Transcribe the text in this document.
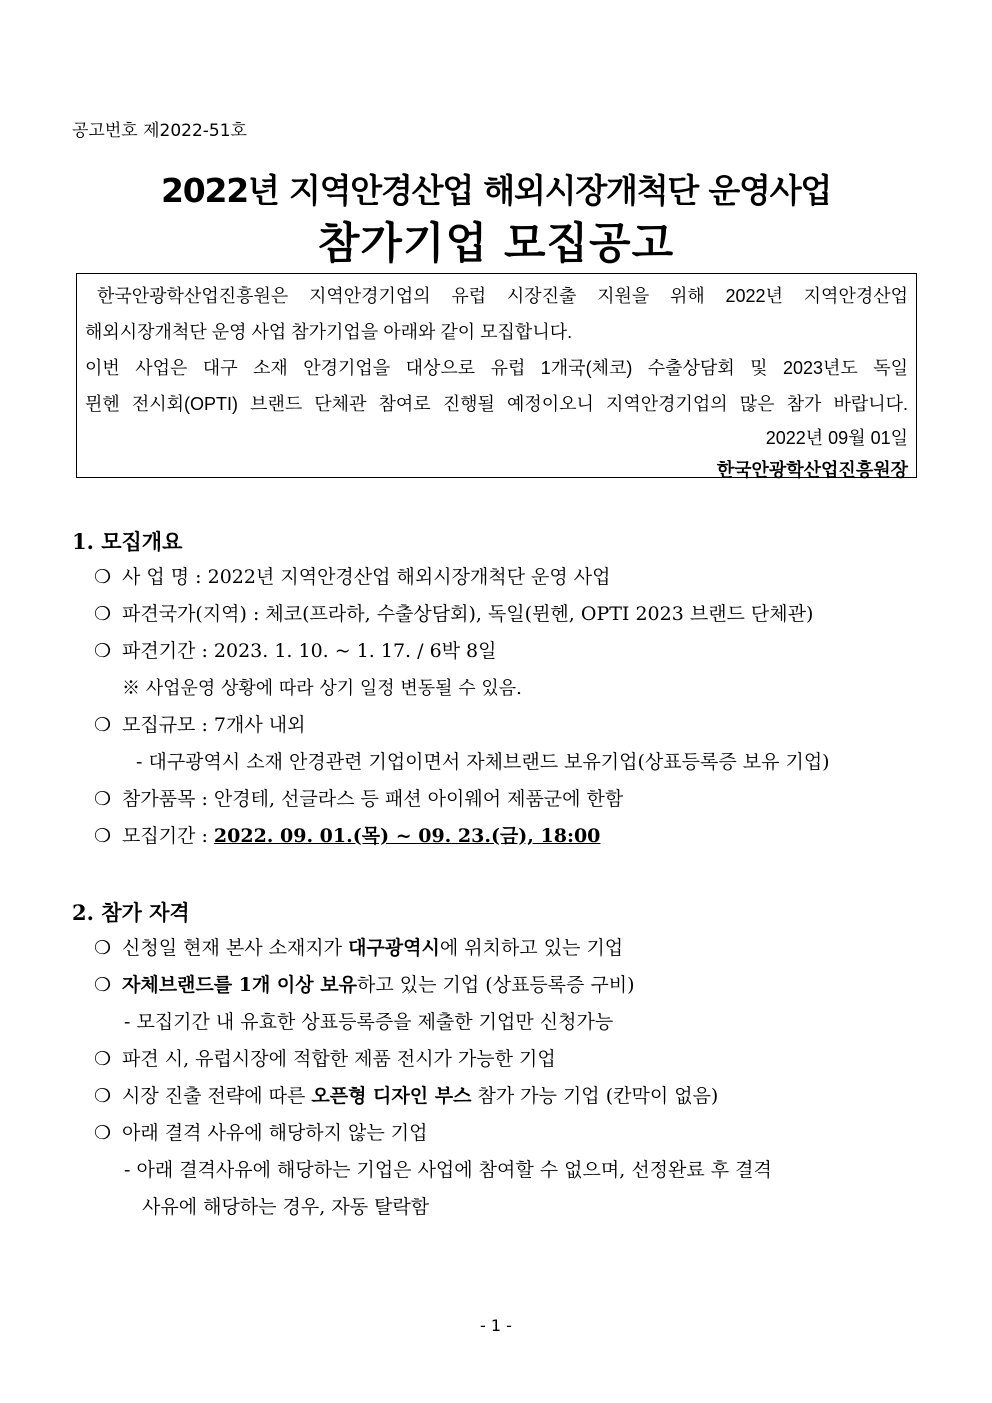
공고번호 제2022-51호
2022년 지역안경산업 해외시장개척단 운영사업
참가기업 모집공고
한국안광학산업진흥원은 지역안경기업의 유럽 시장진출 지원을 위해 2022년 지역안경산업
해외시장개척단 운영 사업 참가기업을 아래와 같이 모집합니다.
이번 사업은 대구 소재 안경기업을 대상으로 유럽 1개국(체코) 수출상담회 및 2023년도 독일
뮌헨 전시회(OPTI) 브랜드 단체관 참여로 진행될 예정이오니 지역안경기업의 많은 참가 바랍니다.
2022년 09월 01일
한국안광학산업진흥원장
1. 모집개요
❍ 사 업 명 : 2022년 지역안경산업 해외시장개척단 운영 사업
❍ 파견국가(지역) : 체코(프라하, 수출상담회), 독일(뮌헨, OPTI 2023 브랜드 단체관)
❍ 파견기간 : 2023. 1. 10. ~ 1. 17. / 6박 8일
※ 사업운영 상황에 따라 상기 일정 변동될 수 있음.
❍ 모집규모 : 7개사 내외
- 대구광역시 소재 안경관련 기업이면서 자체브랜드 보유기업(상표등록증 보유 기업)
❍ 참가품목 : 안경테, 선글라스 등 패션 아이웨어 제품군에 한함
❍ 모집기간 : 2022. 09. 01.(목) ~ 09. 23.(금), 18:00
2. 참가 자격
❍ 신청일 현재 본사 소재지가 대구광역시에 위치하고 있는 기업
❍ 자체브랜드를 1개 이상 보유하고 있는 기업 (상표등록증 구비)
- 모집기간 내 유효한 상표등록증을 제출한 기업만 신청가능
❍ 파견 시, 유럽시장에 적합한 제품 전시가 가능한 기업
❍ 시장 진출 전략에 따른 오픈형 디자인 부스 참가 가능 기업 (칸막이 없음)
❍ 아래 결격 사유에 해당하지 않는 기업
- 아래 결격사유에 해당하는 기업은 사업에 참여할 수 없으며, 선정완료 후 결격
사유에 해당하는 경우, 자동 탈락함
- 1 -
